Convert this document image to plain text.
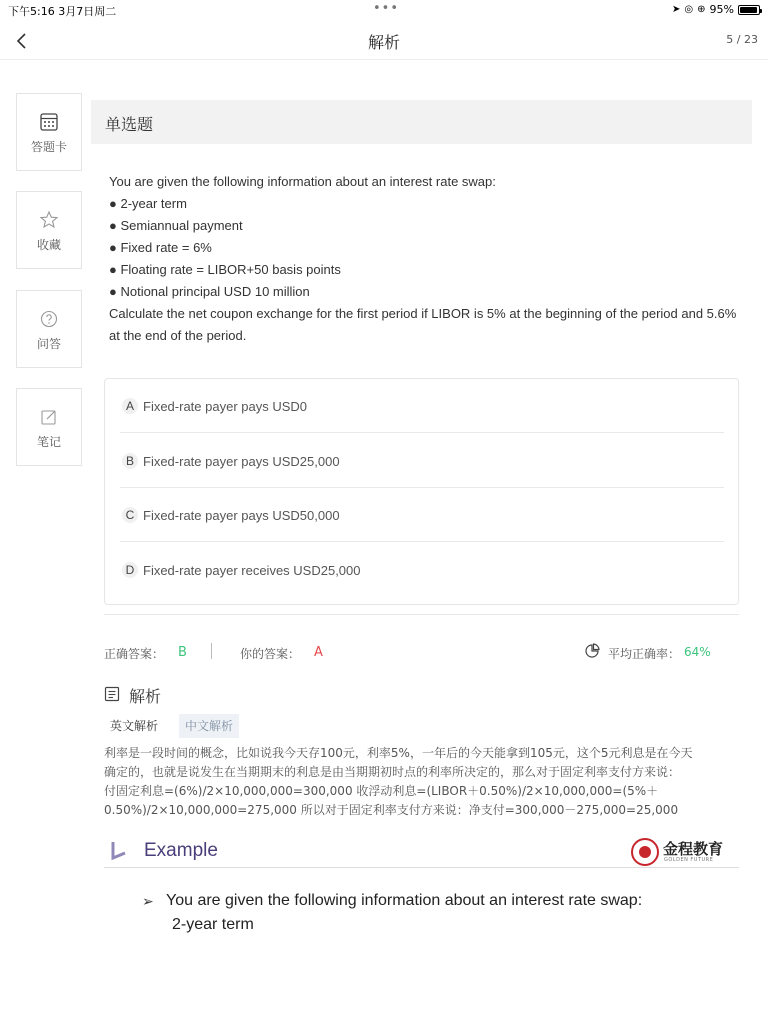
下午5:16 3月7日周二	•••	➤ ◎ ⊕ 95%
解析	5 / 23
答题卡
收藏
问答
笔记
单选题
You are given the following information about an interest rate swap:
● 2-year term
● Semiannual payment
● Fixed rate = 6%
● Floating rate = LIBOR+50 basis points
● Notional principal USD 10 million
Calculate the net coupon exchange for the first period if LIBOR is 5% at the beginning of the period and 5.6%
at the end of the period.
A Fixed-rate payer pays USD0
B Fixed-rate payer pays USD25,000
C Fixed-rate payer pays USD50,000
D Fixed-rate payer receives USD25,000
正确答案： B	你的答案： A	平均正确率： 64%
解析
英文解析	中文解析
利率是一段时间的概念，比如说我今天存100元，利率5%，一年后的今天能拿到105元，这个5元利息是在今天
确定的，也就是说发生在当期期末的利息是由当期期初时点的利率所决定的，那么对于固定利率支付方来说：
付固定利息=(6%)/2×10,000,000=300,000 收浮动利息=(LIBOR＋0.50%)/2×10,000,000=(5%＋
0.50%)/2×10,000,000=275,000 所以对于固定利率支付方来说：净支付=300,000－275,000=25,000
Example	金程教育
GOLDEN FUTURE
➢ You are given the following information about an interest rate swap:
2-year term
